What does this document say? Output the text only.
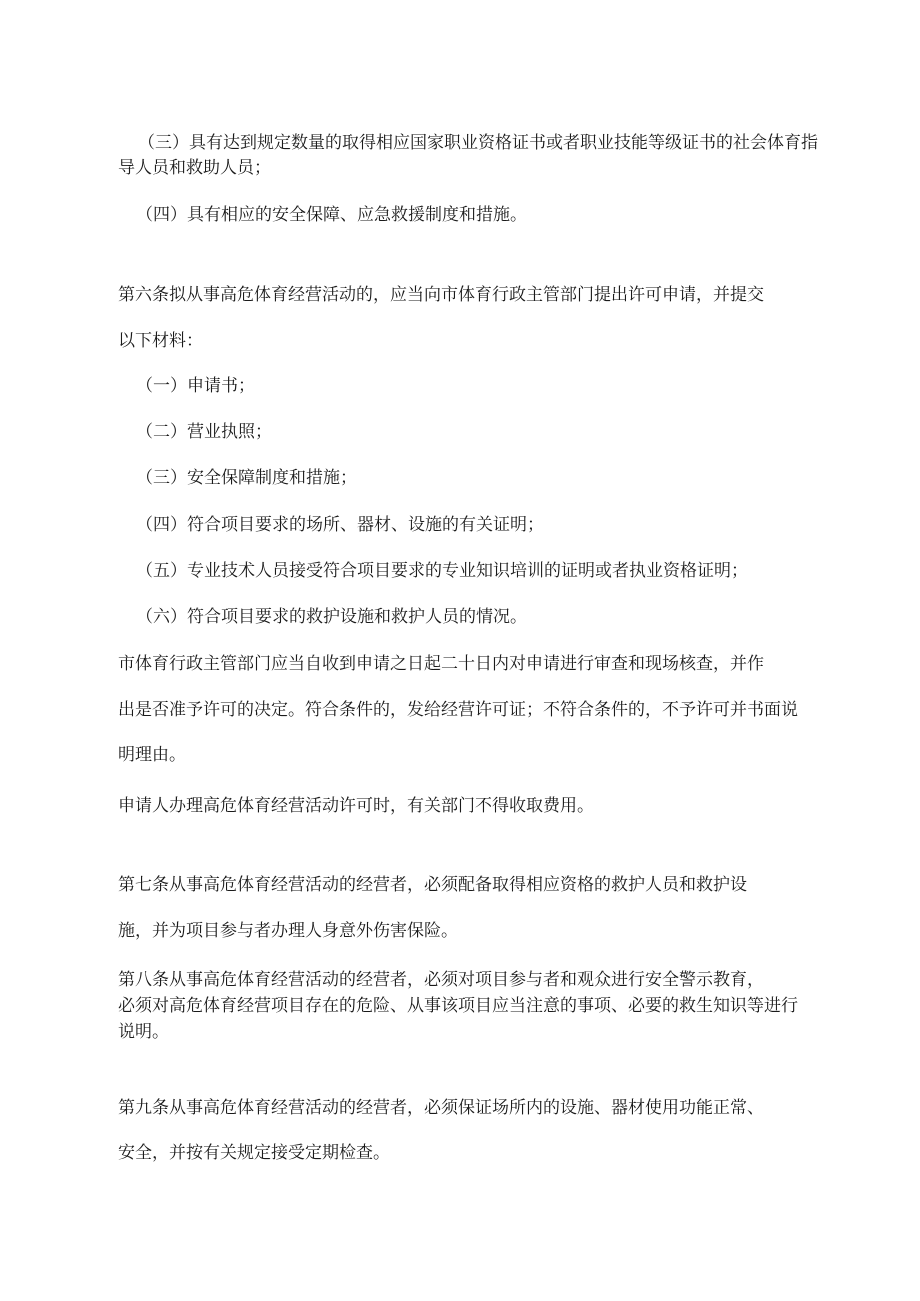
（三）具有达到规定数量的取得相应国家职业资格证书或者职业技能等级证书的社会体育指导人员和救助人员；

（四）具有相应的安全保障、应急救援制度和措施。

第六条拟从事高危体育经营活动的，应当向市体育行政主管部门提出许可申请，并提交

以下材料：

（一）申请书；

（二）营业执照；

（三）安全保障制度和措施；

（四）符合项目要求的场所、器材、设施的有关证明；

（五）专业技术人员接受符合项目要求的专业知识培训的证明或者执业资格证明；

（六）符合项目要求的救护设施和救护人员的情况。

市体育行政主管部门应当自收到申请之日起二十日内对申请进行审查和现场核查，并作

出是否准予许可的决定。符合条件的，发给经营许可证；不符合条件的，不予许可并书面说

明理由。

申请人办理高危体育经营活动许可时，有关部门不得收取费用。

第七条从事高危体育经营活动的经营者，必须配备取得相应资格的救护人员和救护设

施，并为项目参与者办理人身意外伤害保险。

第八条从事高危体育经营活动的经营者，必须对项目参与者和观众进行安全警示教育，

必须对高危体育经营项目存在的危险、从事该项目应当注意的事项、必要的救生知识等进行

说明。

第九条从事高危体育经营活动的经营者，必须保证场所内的设施、器材使用功能正常、

安全，并按有关规定接受定期检查。
